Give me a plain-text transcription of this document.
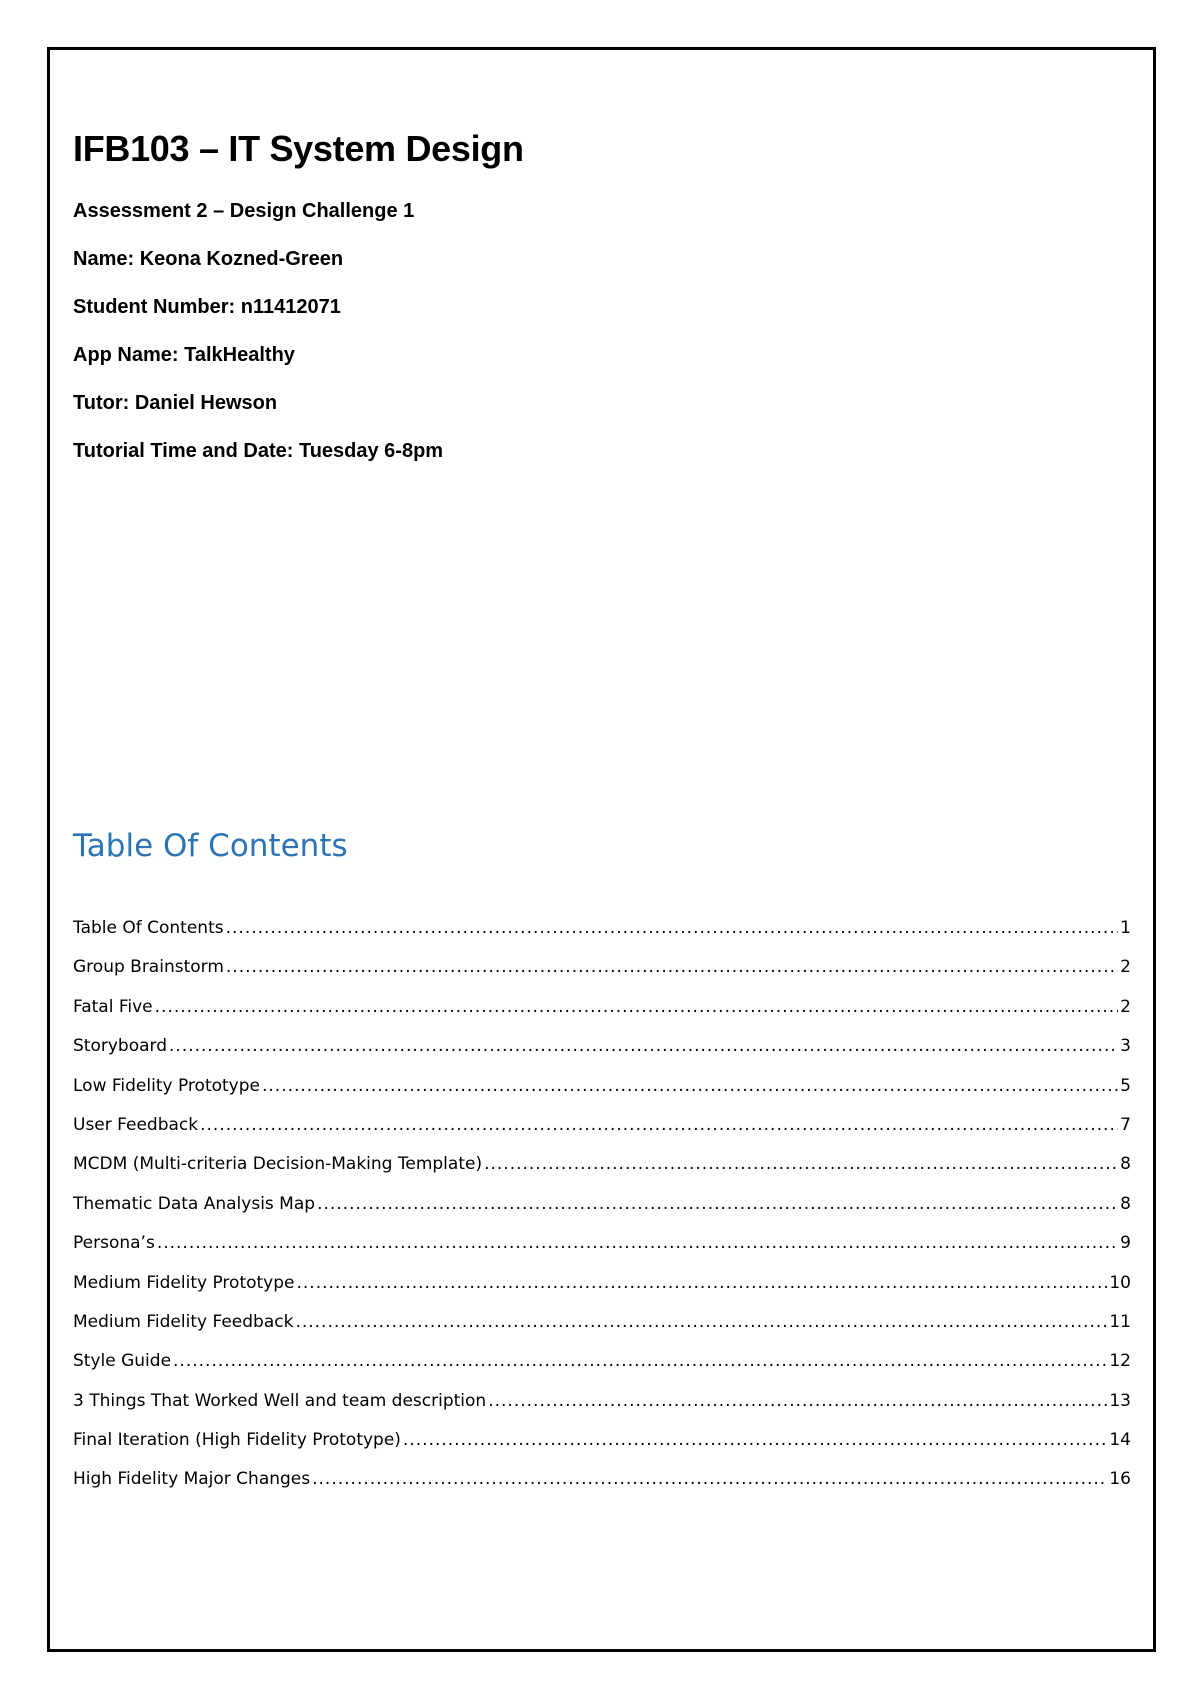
IFB103 – IT System Design

Assessment 2 – Design Challenge 1

Name: Keona Kozned-Green

Student Number: n11412071

App Name: TalkHealthy

Tutor: Daniel Hewson

Tutorial Time and Date: Tuesday 6-8pm

Table Of Contents
Table Of Contents .....	1
Group Brainstorm .....	2
Fatal Five .....	2
Storyboard .....	3
Low Fidelity Prototype .....	5
User Feedback .....	7
MCDM (Multi-criteria Decision-Making Template) .....	8
Thematic Data Analysis Map .....	8
Persona’s .....	9
Medium Fidelity Prototype .....	10
Medium Fidelity Feedback .....	11
Style Guide .....	12
3 Things That Worked Well and team description .....	13
Final Iteration (High Fidelity Prototype) .....	14
High Fidelity Major Changes .....	16
